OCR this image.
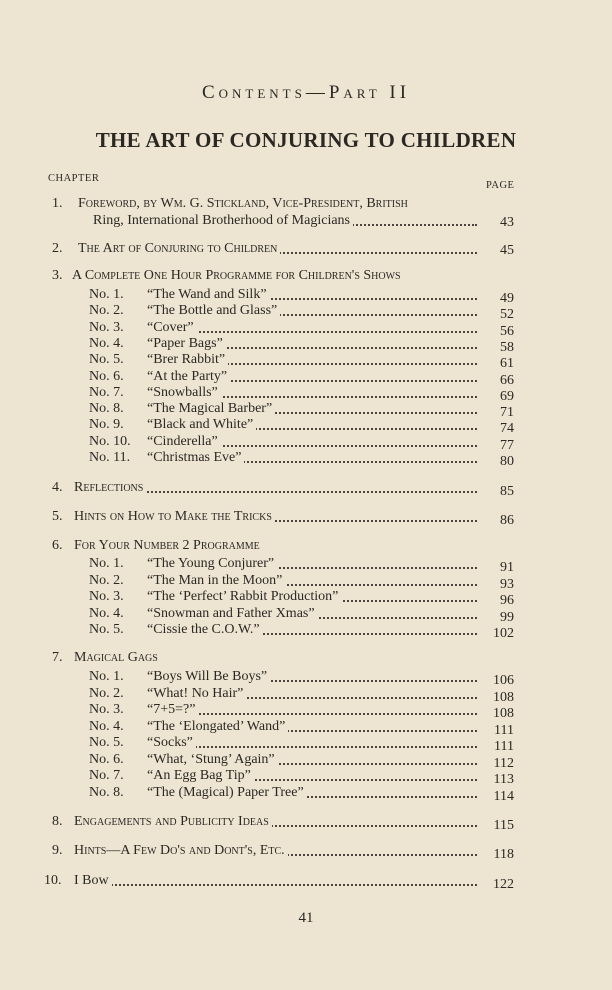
Contents—Part II
THE ART OF CONJURING TO CHILDREN
CHAPTER
PAGE
1. Foreword, by Wm. G. Stickland, Vice-President, British
Ring, International Brotherhood of Magicians	43
2. The Art of Conjuring to Children	45
3. A Complete One Hour Programme for Children's Shows
No. 1.	“The Wand and Silk”	49
No. 2.	“The Bottle and Glass”	52
No. 3.	“Cover”	56
No. 4.	“Paper Bags”	58
No. 5.	“Brer Rabbit”	61
No. 6.	“At the Party”	66
No. 7.	“Snowballs”	69
No. 8.	“The Magical Barber”	71
No. 9.	“Black and White”	74
No. 10.	“Cinderella”	77
No. 11.	“Christmas Eve”	80
4. Reflections	85
5. Hints on How to Make the Tricks	86
6. For Your Number 2 Programme
No. 1.	“The Young Conjurer”	91
No. 2.	“The Man in the Moon”	93
No. 3.	“The ‘Perfect’ Rabbit Production”	96
No. 4.	“Snowman and Father Xmas”	99
No. 5.	“Cissie the C.O.W.”	102
7. Magical Gags
No. 1.	“Boys Will Be Boys”	106
No. 2.	“What! No Hair”	108
No. 3.	“7+5=?”	108
No. 4.	“The ‘Elongated’ Wand”	111
No. 5.	“Socks”	111
No. 6.	“What, ‘Stung’ Again”	112
No. 7.	“An Egg Bag Tip”	113
No. 8.	“The (Magical) Paper Tree”	114
8. Engagements and Publicity Ideas	115
9. Hints—A Few Do's and Dont's, Etc.	118
10. I Bow	122
41
